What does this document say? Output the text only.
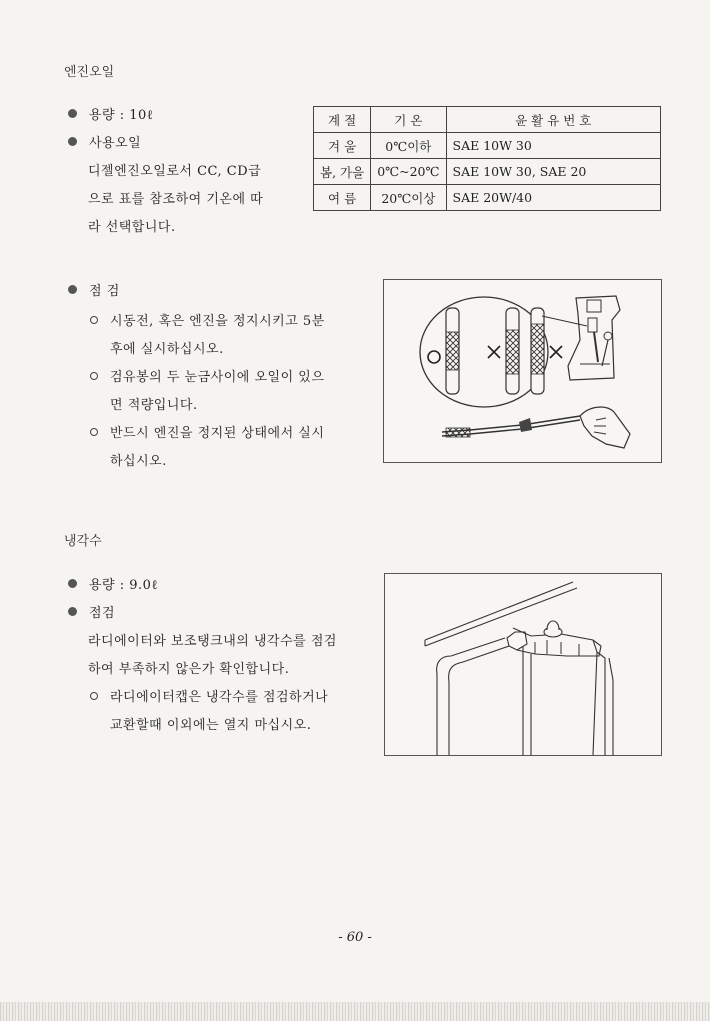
엔진오일
용량 : 10ℓ
사용오일
디젤엔진오일로서 CC, CD급
으로 표를 참조하여 기온에 따
라 선택합니다.
계 절	기 온	윤 활 유 번 호
겨 울	0℃이하	SAE 10W 30
봄, 가을	0℃~20℃	SAE 10W 30, SAE 20
여 름	20℃이상	SAE 20W/40
점 검
시동전, 혹은 엔진을 정지시키고 5분
후에 실시하십시오.
검유봉의 두 눈금사이에 오일이 있으
면 적량입니다.
반드시 엔진을 정지된 상태에서 실시
하십시오.
냉각수
용량 : 9.0ℓ
점검
라디에이터와 보조탱크내의 냉각수를 점검
하여 부족하지 않은가 확인합니다.
라디에이터캡은 냉각수를 점검하거나
교환할때 이외에는 열지 마십시오.
- 60 -
